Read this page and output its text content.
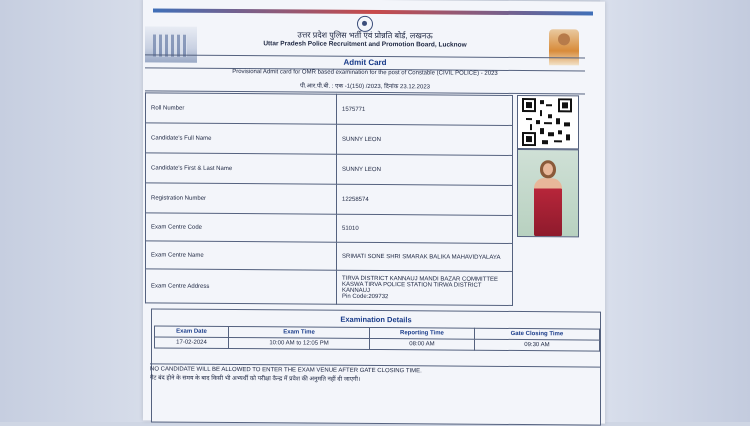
उत्तर प्रदेश पुलिस भर्ती एवं प्रोन्नति बोर्ड, लखनऊ
Uttar Pradesh Police Recruitment and Promotion Board, Lucknow
Admit Card
Provisional Admit card for OMR based examination for the post of Constable (CIVIL POLICE) - 2023
पी.आर.पी.बी. : एक -1(150) /2023, दिनांक 23.12.2023
Roll Number	1575771
Candidate's Full Name	SUNNY LEON
Candidate's First & Last Name	SUNNY LEON
Registration Number	12258574
Exam Centre Code	51010
Exam Centre Name	SRIMATI SONE SHRI SMARAK BALIKA MAHAVIDYALAYA
Exam Centre Address	TIRVA DISTRICT KANNAUJ MANDI BAZAR COMMITTEE KASWA TIRVA POLICE STATION TIRWA DISTRICT KANNAUJ
Pin Code:209732
Examination Details
Exam Date	Exam Time	Reporting Time	Gate Closing Time
17-02-2024	10:00 AM to 12:05 PM	08:00 AM	09:30 AM
NO CANDIDATE WILL BE ALLOWED TO ENTER THE EXAM VENUE AFTER GATE CLOSING TIME.
गेट बंद होने के समय के बाद किसी भी अभ्यर्थी को परीक्षा केन्द्र में प्रवेश की अनुमति नहीं दी जाएगी।
